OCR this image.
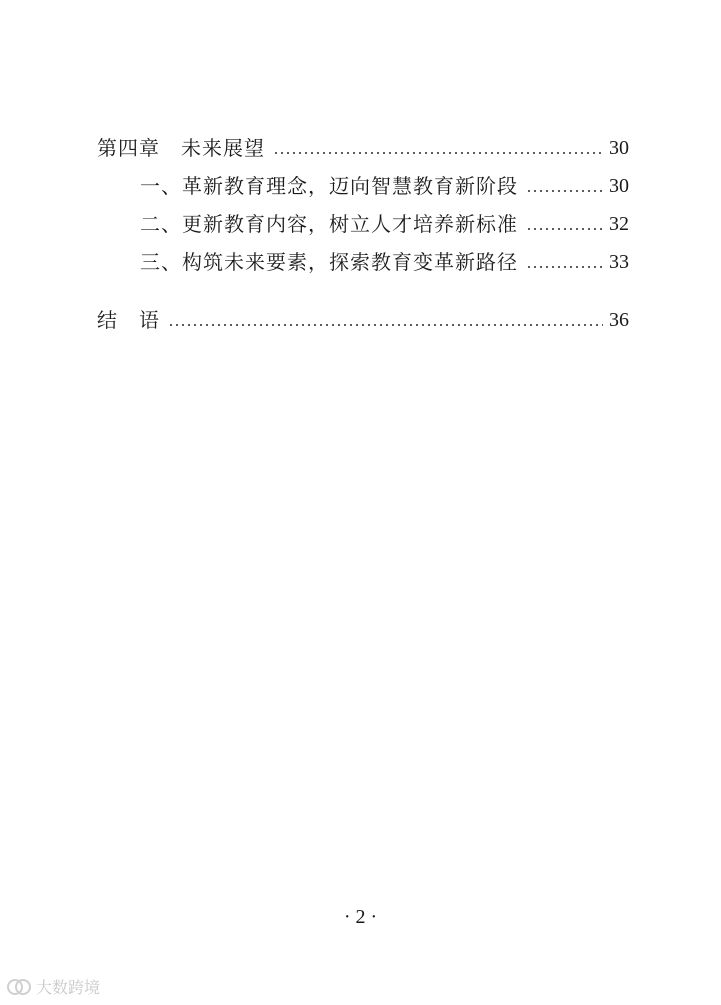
第四章　未来展望	30
一、革新教育理念，迈向智慧教育新阶段	30
二、更新教育内容，树立人才培养新标准	32
三、构筑未来要素，探索教育变革新路径	33
结　语	36
· 2 ·
大数跨境
